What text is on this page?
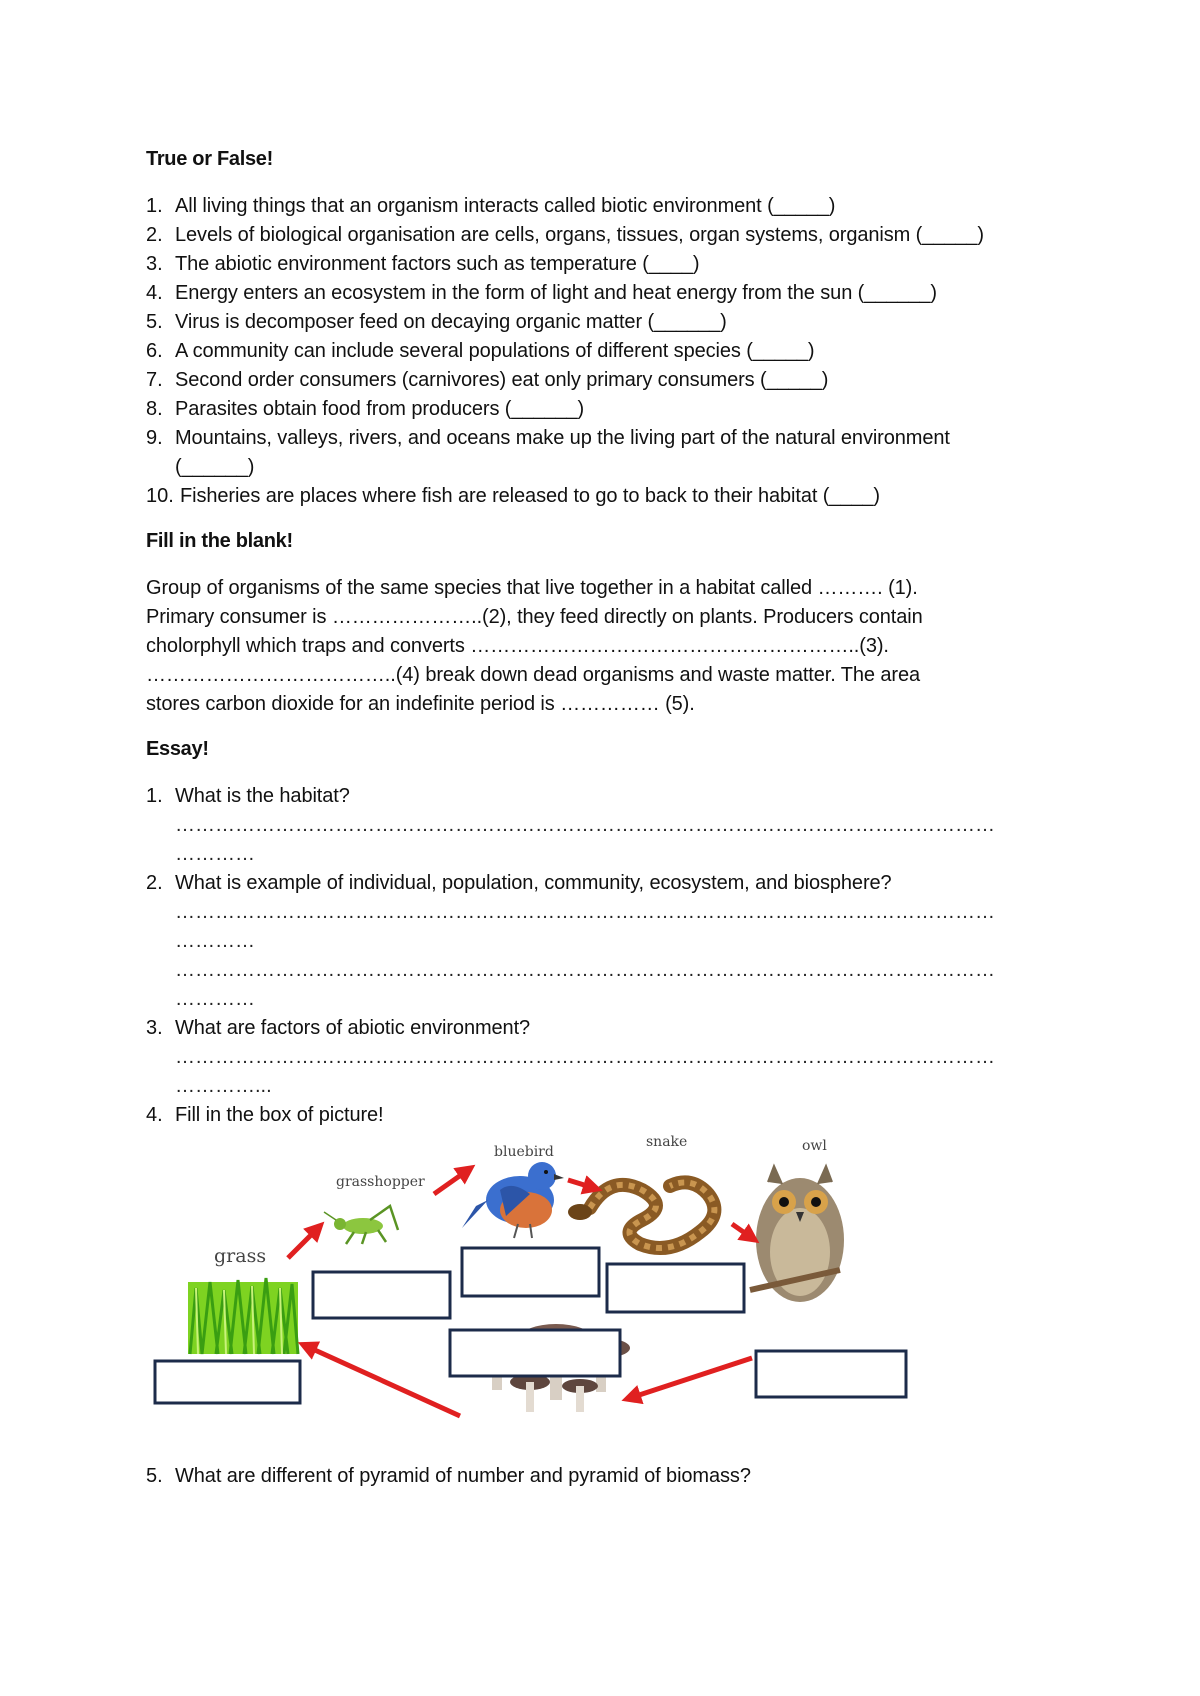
True or False!
1. All living things that an organism interacts called biotic environment (_____)
2. Levels of biological organisation are cells, organs, tissues, organ systems, organism (_____)
3. The abiotic environment factors such as temperature (____)
4. Energy enters an ecosystem in the form of light and heat energy from the sun (______)
5. Virus is decomposer feed on decaying organic matter (______)
6. A community can include several populations of different species (_____)
7. Second order consumers (carnivores) eat only primary consumers (_____)
8. Parasites obtain food from producers (______)
9. Mountains, valleys, rivers, and oceans make up the living part of the natural environment
(______)
10. Fisheries are places where fish are released to go to back to their habitat (____)
Fill in the blank!
Group of organisms of the same species that live together in a habitat called ………. (1).
Primary consumer is …………………..(2), they feed directly on plants. Producers contain
cholorphyll which traps and converts …………………………………………………..(3).
………………………………..(4) break down dead organisms and waste matter. The area
stores carbon dioxide for an indefinite period is …………… (5).
Essay!
1. What is the habitat?
……………………………………………………………………………………………………………
…………
2. What is example of individual, population, community, ecosystem, and biosphere?
……………………………………………………………………………………………………………
…………
……………………………………………………………………………………………………………
…………
3. What are factors of abiotic environment?
……………………………………………………………………………………………………………
…………...
4. Fill in the box of picture!
grass
grasshopper
bluebird
snake	owl
5. What are different of pyramid of number and pyramid of biomass?
